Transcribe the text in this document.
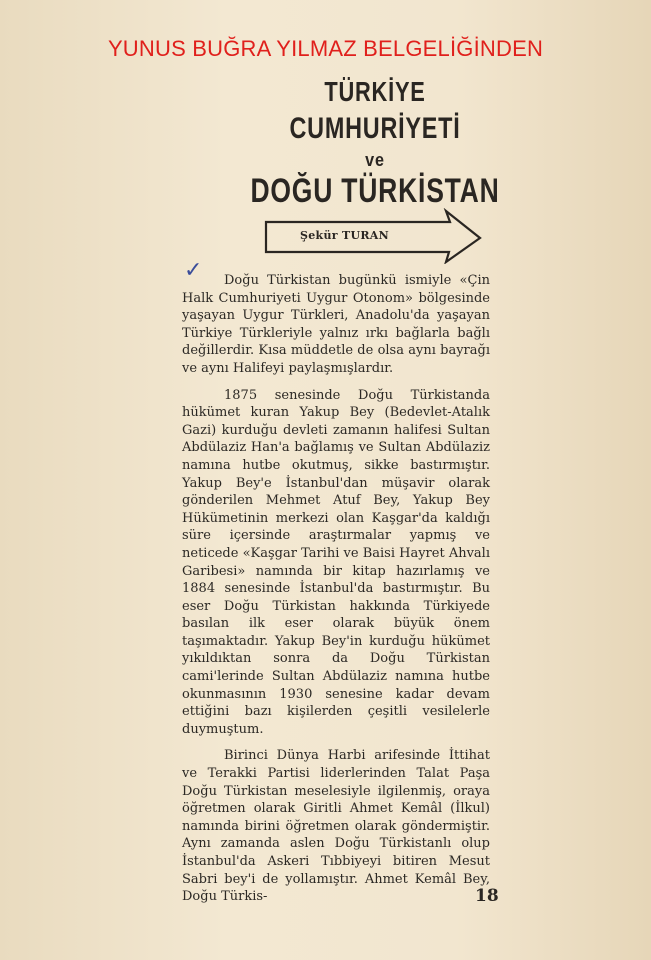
YUNUS BUĞRA YILMAZ BELGELİĞİNDEN
TÜRKİYE
CUMHURİYETİ
ve
DOĞU TÜRKİSTAN
Şekür TURAN
✓	Doğu Türkistan bugünkü ismiyle «Çin Halk Cumhuriyeti Uygur Otonom» bölgesinde yaşayan Uygur Türkleri, Anadolu'da yaşayan Türkiye Türkleriyle yalnız ırkı bağlarla bağlı değillerdir. Kısa müddetle de olsa aynı bayrağı ve aynı Halifeyi paylaşmışlardır.

1875 senesinde Doğu Türkistanda hükümet kuran Yakup Bey (Bedevlet-Atalık Gazi) kurduğu devleti zamanın halifesi Sultan Abdülaziz Han'a bağlamış ve Sultan Abdülaziz namına hutbe okutmuş, sikke bastırmıştır. Yakup Bey'e İstanbul'dan müşavir olarak gönderilen Mehmet Atuf Bey, Yakup Bey Hükümetinin merkezi olan Kaşgar'da kaldığı süre içersinde araştırmalar yapmış ve neticede «Kaşgar Tarihi ve Baisi Hayret Ahvalı Garibesi» namında bir kitap hazırlamış ve 1884 senesinde İstanbul'da bastırmıştır. Bu eser Doğu Türkistan hakkında Türkiyede basılan ilk eser olarak büyük önem taşımaktadır. Yakup Bey'in kurduğu hükümet yıkıldıktan sonra da Doğu Türkistan cami'lerinde Sultan Abdülaziz namına hutbe okunmasının 1930 senesine kadar devam ettiğini bazı kişilerden çeşitli vesilelerle duymuştum.

Birinci Dünya Harbi arifesinde İttihat ve Terakki Partisi liderlerinden Talat Paşa Doğu Türkistan meselesiyle ilgilenmiş, oraya öğretmen olarak Giritli Ahmet Kemâl (İlkul) namında birini öğretmen olarak göndermiştir. Aynı zamanda aslen Doğu Türkistanlı olup İstanbul'da Askeri Tıbbiyeyi bitiren Mesut Sabri bey'i de yollamıştır. Ahmet Kemâl Bey, Doğu Türkis-	18
